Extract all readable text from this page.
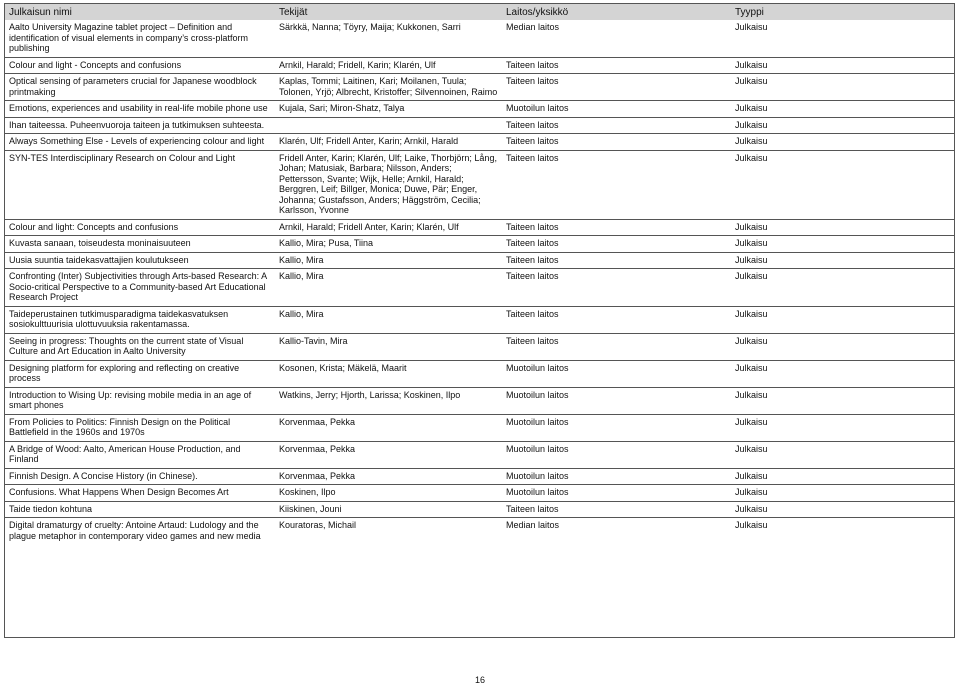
Julkaisun nimi	Tekijät	Laitos/yksikkö	Tyyppi
Aalto University Magazine tablet project – Definition and identification of visual elements in company’s cross-platform publishing	Särkkä, Nanna; Töyry, Maija; Kukkonen, Sarri	Median laitos	Julkaisu
Colour and light - Concepts and confusions	Arnkil, Harald; Fridell, Karin; Klarén, Ulf	Taiteen laitos	Julkaisu
Optical sensing of parameters crucial for Japanese woodblock printmaking	Kaplas, Tommi; Laitinen, Kari; Moilanen, Tuula; Tolonen, Yrjö; Albrecht, Kristoffer; Silvennoinen, Raimo	Taiteen laitos	Julkaisu
Emotions, experiences and usability in real-life mobile phone use	Kujala, Sari; Miron-Shatz, Talya	Muotoilun laitos	Julkaisu
Ihan taiteessa. Puheenvuoroja taiteen ja tutkimuksen suhteesta.		Taiteen laitos	Julkaisu
Always Something Else - Levels of experiencing colour and light	Klarén, Ulf; Fridell Anter, Karin; Arnkil, Harald	Taiteen laitos	Julkaisu
SYN-TES Interdisciplinary Research on Colour and Light	Fridell Anter, Karin; Klarén, Ulf; Laike, Thorbjörn; Lång, Johan; Matusiak, Barbara; Nilsson, Anders; Pettersson, Svante; Wijk, Helle; Arnkil, Harald; Berggren, Leif; Billger, Monica; Duwe, Pär; Enger, Johanna; Gustafsson, Anders; Häggström, Cecilia; Karlsson, Yvonne	Taiteen laitos	Julkaisu
Colour and light: Concepts and confusions	Arnkil, Harald; Fridell Anter, Karin; Klarén, Ulf	Taiteen laitos	Julkaisu
Kuvasta sanaan, toiseudesta moninaisuuteen	Kallio, Mira; Pusa, Tiina	Taiteen laitos	Julkaisu
Uusia suuntia taidekasvattajien koulutukseen	Kallio, Mira	Taiteen laitos	Julkaisu
Confronting (Inter) Subjectivities through Arts-based Research: A Socio-critical Perspective to a Community-based Art Educational Research Project	Kallio, Mira	Taiteen laitos	Julkaisu
Taideperustainen tutkimusparadigma taidekasvatuksen sosiokulttuurisia ulottuvuuksia rakentamassa.	Kallio, Mira	Taiteen laitos	Julkaisu
Seeing in progress: Thoughts on the current state of Visual Culture and Art Education in Aalto University	Kallio-Tavin, Mira	Taiteen laitos	Julkaisu
Designing platform for exploring and reflecting on creative process	Kosonen, Krista; Mäkelä, Maarit	Muotoilun laitos	Julkaisu
Introduction to Wising Up: revising mobile media in an age of smart phones	Watkins, Jerry; Hjorth, Larissa; Koskinen, Ilpo	Muotoilun laitos	Julkaisu
From Policies to Politics: Finnish Design on the Political Battlefield in the 1960s and 1970s	Korvenmaa, Pekka	Muotoilun laitos	Julkaisu
A Bridge of Wood: Aalto, American House Production, and Finland	Korvenmaa, Pekka	Muotoilun laitos	Julkaisu
Finnish Design. A Concise History (in Chinese).	Korvenmaa, Pekka	Muotoilun laitos	Julkaisu
Confusions. What Happens When Design Becomes Art	Koskinen, Ilpo	Muotoilun laitos	Julkaisu
Taide tiedon kohtuna	Kiiskinen, Jouni	Taiteen laitos	Julkaisu
Digital dramaturgy of cruelty: Antoine Artaud: Ludology and the plague metaphor in contemporary video games and new media	Kouratoras, Michail	Median laitos	Julkaisu
16
